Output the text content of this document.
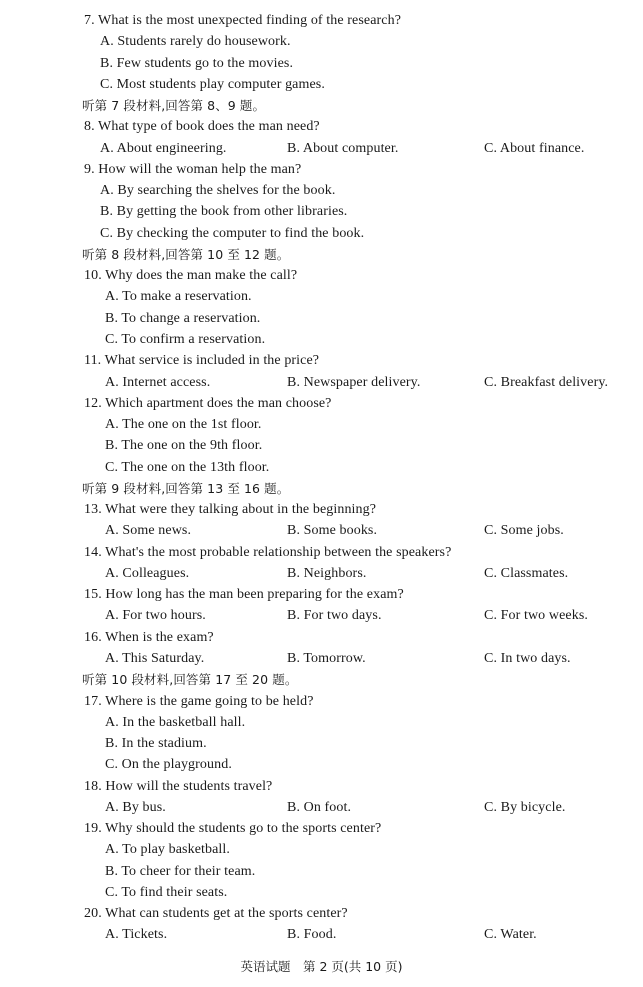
7. What is the most unexpected finding of the research?
A. Students rarely do housework.
B. Few students go to the movies.
C. Most students play computer games.
听第 7 段材料,回答第 8、9 题。
8. What type of book does the man need?
A. About engineering.	B. About computer.	C. About finance.
9. How will the woman help the man?
A. By searching the shelves for the book.
B. By getting the book from other libraries.
C. By checking the computer to find the book.
听第 8 段材料,回答第 10 至 12 题。
10. Why does the man make the call?
A. To make a reservation.
B. To change a reservation.
C. To confirm a reservation.
11. What service is included in the price?
A. Internet access.	B. Newspaper delivery.	C. Breakfast delivery.
12. Which apartment does the man choose?
A. The one on the 1st floor.
B. The one on the 9th floor.
C. The one on the 13th floor.
听第 9 段材料,回答第 13 至 16 题。
13. What were they talking about in the beginning?
A. Some news.	B. Some books.	C. Some jobs.
14. What's the most probable relationship between the speakers?
A. Colleagues.	B. Neighbors.	C. Classmates.
15. How long has the man been preparing for the exam?
A. For two hours.	B. For two days.	C. For two weeks.
16. When is the exam?
A. This Saturday.	B. Tomorrow.	C. In two days.
听第 10 段材料,回答第 17 至 20 题。
17. Where is the game going to be held?
A. In the basketball hall.
B. In the stadium.
C. On the playground.
18. How will the students travel?
A. By bus.	B. On foot.	C. By bicycle.
19. Why should the students go to the sports center?
A. To play basketball.
B. To cheer for their team.
C. To find their seats.
20. What can students get at the sports center?
A. Tickets.	B. Food.	C. Water.
英语试题　第 2 页(共 10 页)
